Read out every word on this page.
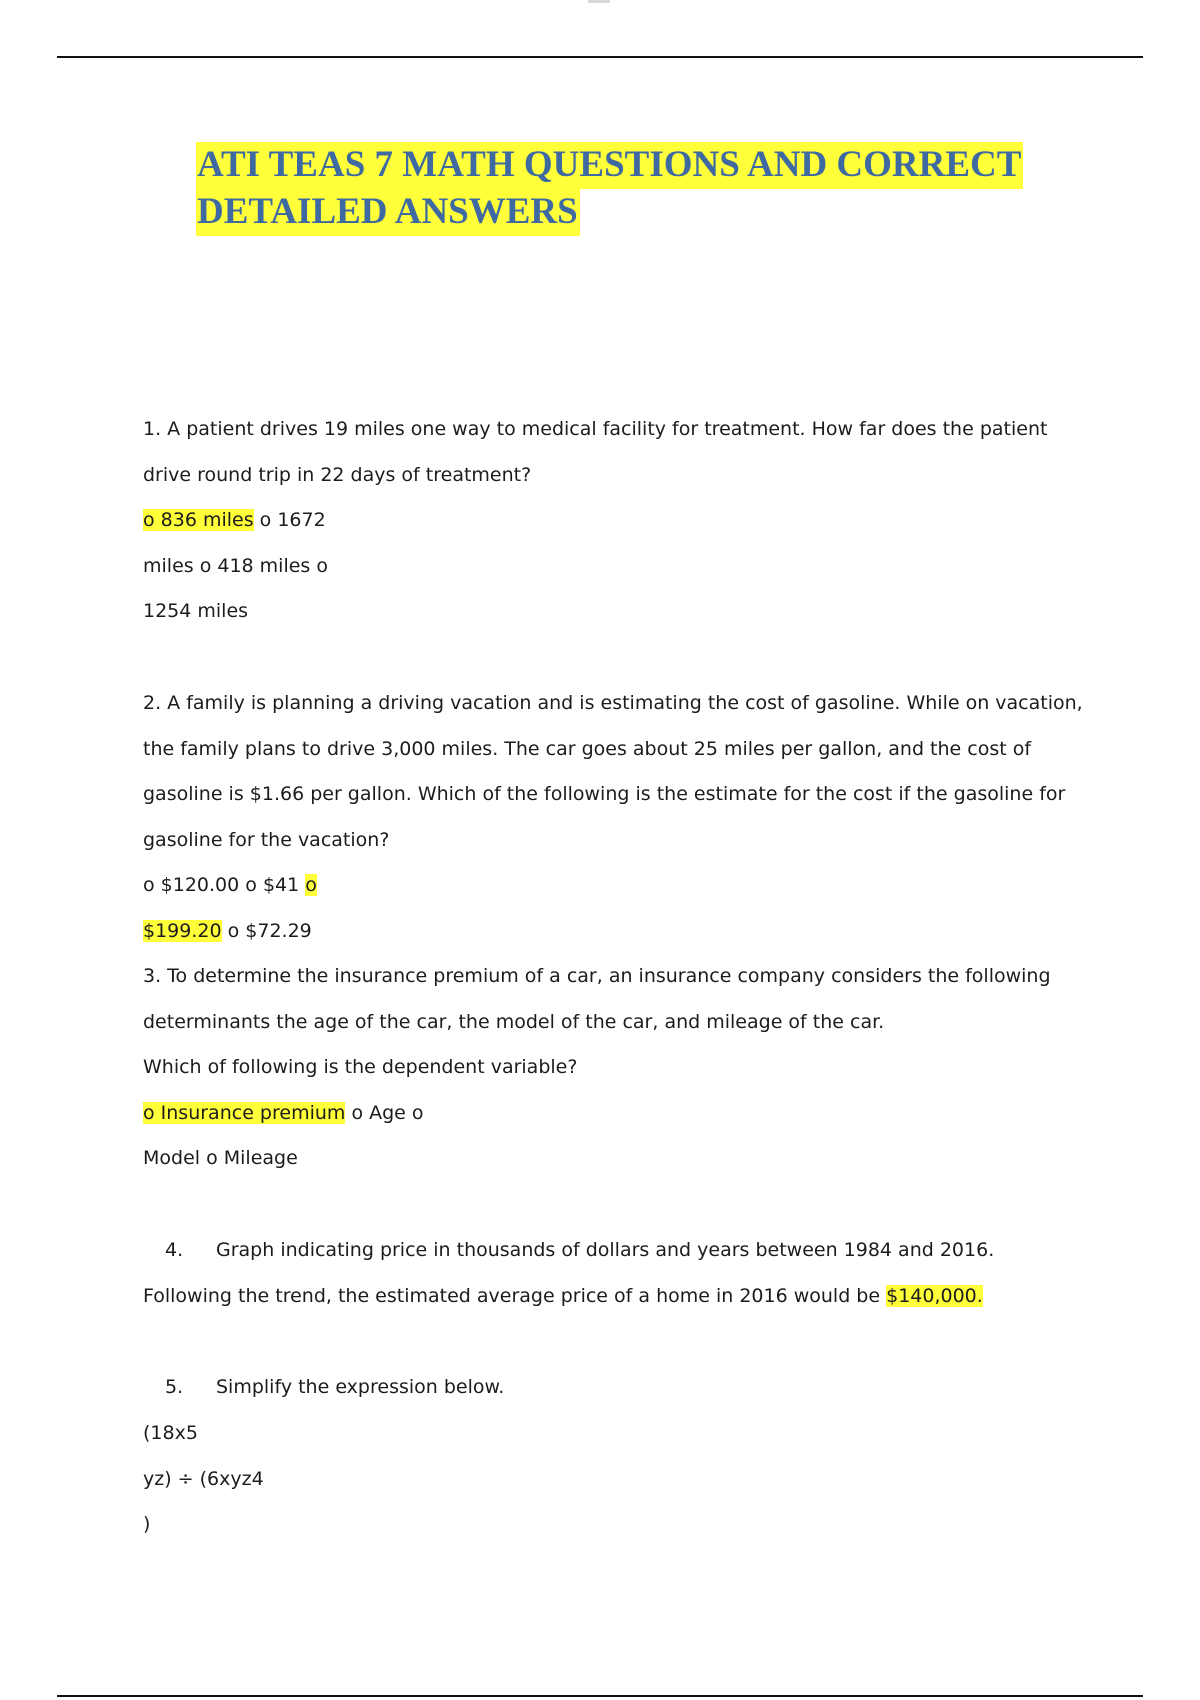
ATI TEAS 7 MATH QUESTIONS AND CORRECT
DETAILED ANSWERS
1. A patient drives 19 miles one way to medical facility for treatment. How far does the patient
drive round trip in 22 days of treatment?
o 836 miles o 1672
miles o 418 miles o
1254 miles
2. A family is planning a driving vacation and is estimating the cost of gasoline. While on vacation,
the family plans to drive 3,000 miles. The car goes about 25 miles per gallon, and the cost of
gasoline is $1.66 per gallon. Which of the following is the estimate for the cost if the gasoline for
gasoline for the vacation?
o $120.00 o $41 o
$199.20 o $72.29
3. To determine the insurance premium of a car, an insurance company considers the following
determinants the age of the car, the model of the car, and mileage of the car.
Which of following is the dependent variable?
o Insurance premium o Age o
Model o Mileage
4. Graph indicating price in thousands of dollars and years between 1984 and 2016.
Following the trend, the estimated average price of a home in 2016 would be $140,000.
5. Simplify the expression below.
(18x5
yz) ÷ (6xyz4
)
